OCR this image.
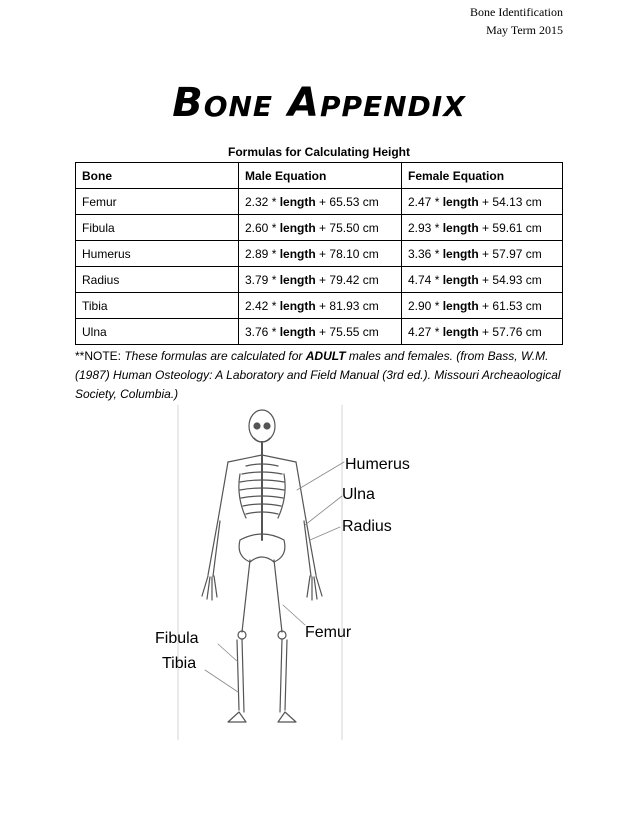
Bone Identification
May Term 2015
Bone Appendix
Formulas for Calculating Height
Bone	Male Equation	Female Equation
Femur	2.32 * length + 65.53 cm	2.47 * length + 54.13 cm
Fibula	2.60 * length + 75.50 cm	2.93 * length + 59.61 cm
Humerus	2.89 * length + 78.10 cm	3.36 * length + 57.97 cm
Radius	3.79 * length + 79.42 cm	4.74 * length + 54.93 cm
Tibia	2.42 * length + 81.93 cm	2.90 * length + 61.53 cm
Ulna	3.76 * length + 75.55 cm	4.27 * length + 57.76 cm
**NOTE: These formulas are calculated for ADULT males and females. (from Bass, W.M. (1987) Human Osteology: A Laboratory and Field Manual (3rd ed.). Missouri Archeaological Society, Columbia.)
Humerus
Ulna
Radius
Femur
Fibula
Tibia
